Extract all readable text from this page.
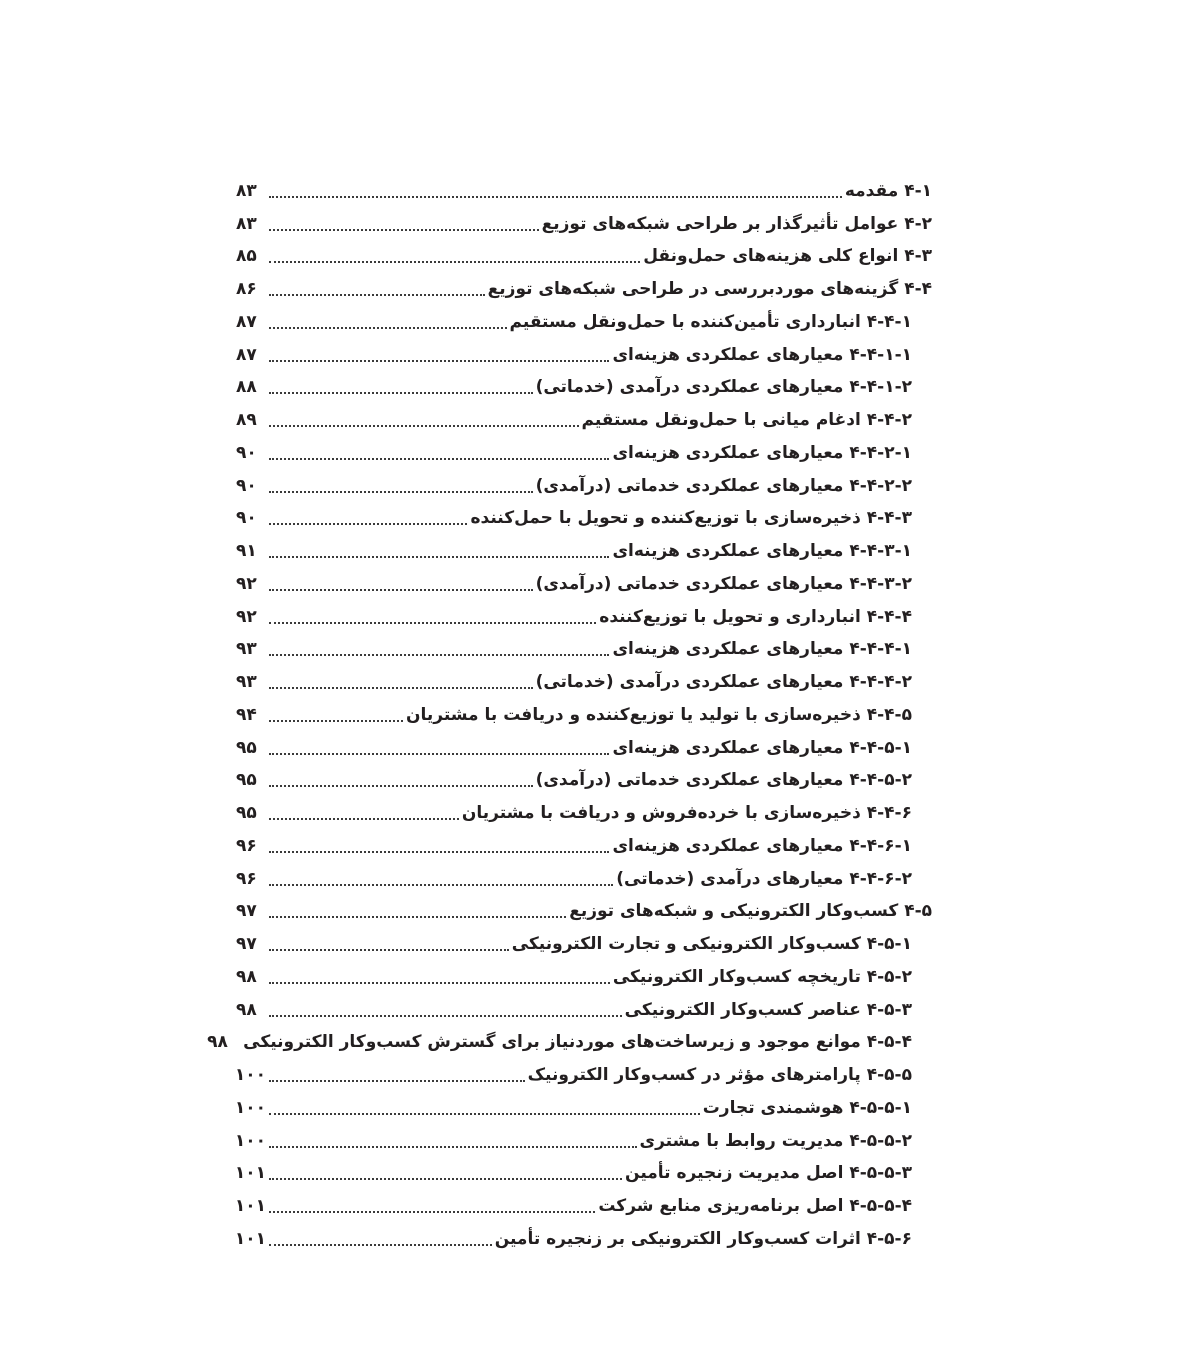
۴-۱ مقدمه
۸۳
۴-۲ عوامل تأثیرگذار بر طراحی شبکه‌های توزیع
۸۳
۴-۳ انواع کلی هزینه‌های حمل‌ونقل
۸۵
۴-۴ گزینه‌های موردبررسی در طراحی شبکه‌های توزیع
۸۶
۴-۴-۱ انبارداری تأمین‌کننده با حمل‌ونقل مستقیم
۸۷
۴-۴-۱-۱ معیارهای عملکردی هزینه‌ای
۸۷
۴-۴-۱-۲ معیارهای عملکردی درآمدی (خدماتی)
۸۸
۴-۴-۲ ادغام میانی با حمل‌ونقل مستقیم
۸۹
۴-۴-۲-۱ معیارهای عملکردی هزینه‌ای
۹۰
۴-۴-۲-۲ معیارهای عملکردی خدماتی (درآمدی)
۹۰
۴-۴-۳ ذخیره‌سازی با توزیع‌کننده و تحویل با حمل‌کننده
۹۰
۴-۴-۳-۱ معیارهای عملکردی هزینه‌ای
۹۱
۴-۴-۳-۲ معیارهای عملکردی خدماتی (درآمدی)
۹۲
۴-۴-۴ انبارداری و تحویل با توزیع‌کننده
۹۲
۴-۴-۴-۱ معیارهای عملکردی هزینه‌ای
۹۳
۴-۴-۴-۲ معیارهای عملکردی درآمدی (خدماتی)
۹۳
۴-۴-۵ ذخیره‌سازی با تولید یا توزیع‌کننده و دریافت با مشتریان
۹۴
۴-۴-۵-۱ معیارهای عملکردی هزینه‌ای
۹۵
۴-۴-۵-۲ معیارهای عملکردی خدماتی (درآمدی)
۹۵
۴-۴-۶ ذخیره‌سازی با خرده‌فروش و دریافت با مشتریان
۹۵
۴-۴-۶-۱ معیارهای عملکردی هزینه‌ای
۹۶
۴-۴-۶-۲ معیارهای درآمدی (خدماتی)
۹۶
۴-۵ کسب‌وکار الکترونیکی و شبکه‌های توزیع
۹۷
۴-۵-۱ کسب‌وکار الکترونیکی و تجارت الکترونیکی
۹۷
۴-۵-۲ تاریخچه کسب‌وکار الکترونیکی
۹۸
۴-۵-۳ عناصر کسب‌وکار الکترونیکی
۹۸
۴-۵-۴ موانع موجود و زیرساخت‌های موردنیاز برای گسترش کسب‌وکار الکترونیکی
۹۸
۴-۵-۵ پارامترهای مؤثر در کسب‌وکار الکترونیک
۱۰۰
۴-۵-۵-۱ هوشمندی تجارت
۱۰۰
۴-۵-۵-۲ مدیریت روابط با مشتری
۱۰۰
۴-۵-۵-۳ اصل مدیریت زنجیره تأمین
۱۰۱
۴-۵-۵-۴ اصل برنامه‌ریزی منابع شرکت
۱۰۱
۴-۵-۶ اثرات کسب‌وکار الکترونیکی بر زنجیره تأمین
۱۰۱
